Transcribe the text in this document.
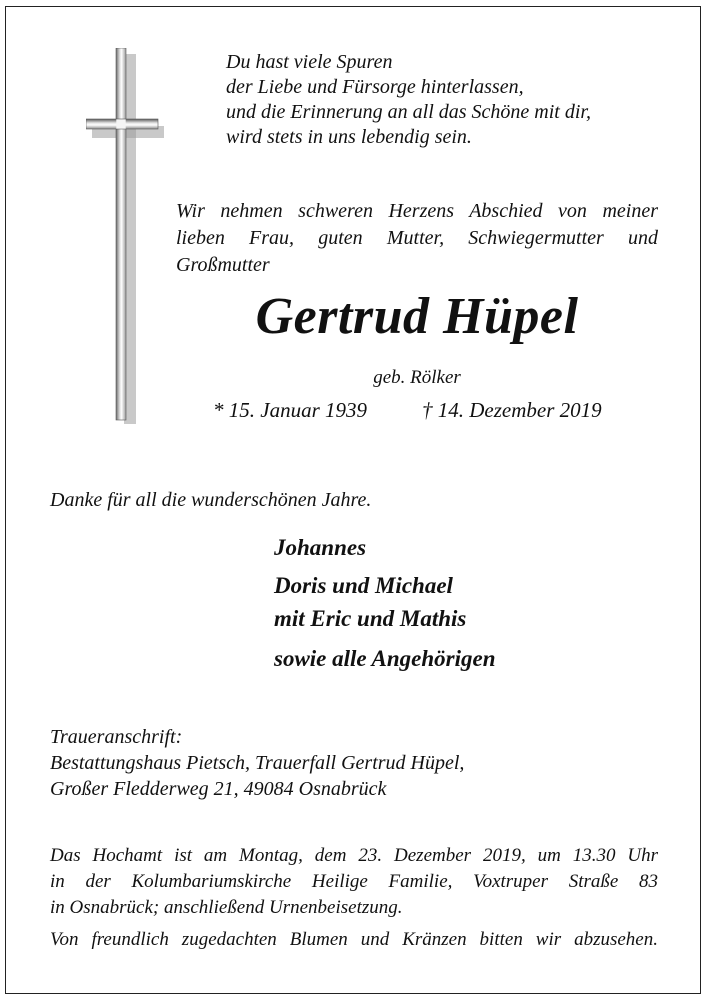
Du hast viele Spuren
der Liebe und Fürsorge hinterlassen,
und die Erinnerung an all das Schöne mit dir,
wird stets in uns lebendig sein.
Wir nehmen schweren Herzens Abschied von meiner
lieben Frau, guten Mutter, Schwiegermutter und
Großmutter
Gertrud Hüpel
geb. Rölker
* 15. Januar 1939	† 14. Dezember 2019
Danke für all die wunderschönen Jahre.
Johannes
Doris und Michael
mit Eric und Mathis
sowie alle Angehörigen
Traueranschrift:
Bestattungshaus Pietsch, Trauerfall Gertrud Hüpel,
Großer Fledderweg 21, 49084 Osnabrück
Das Hochamt ist am Montag, dem 23. Dezember 2019, um 13.30 Uhr
in der Kolumbariumskirche Heilige Familie, Voxtruper Straße 83
in Osnabrück; anschließend Urnenbeisetzung.
Von freundlich zugedachten Blumen und Kränzen bitten wir abzusehen.
